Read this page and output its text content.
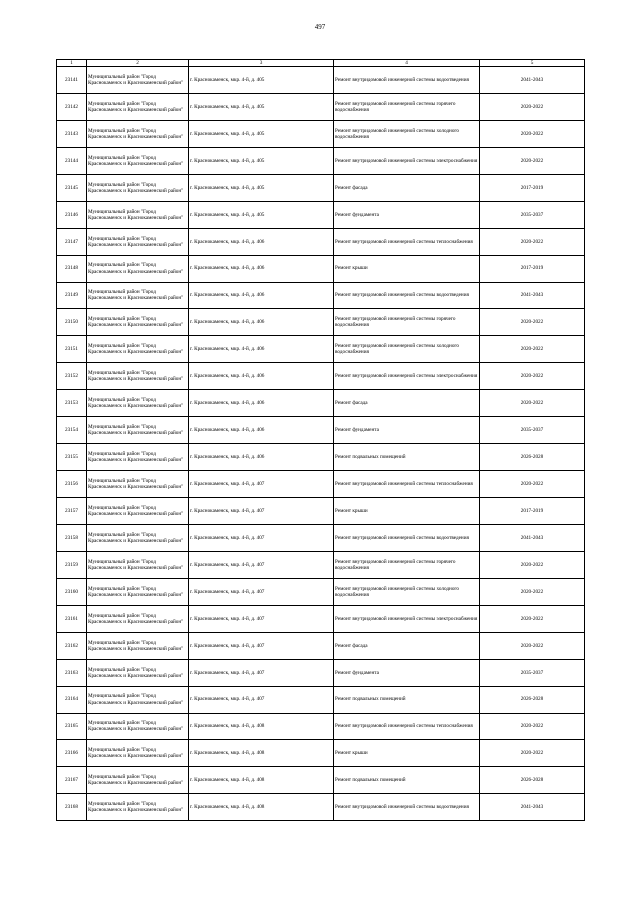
497
1	2	3	4	5
23141	Муниципальный район "Город Краснокаменск и Краснокаменский район"	г. Краснокаменск, мкр. 4-й, д. 405	Ремонт внутридомовой инженерной системы водоотведения	2041-2043
23142	Муниципальный район "Город Краснокаменск и Краснокаменский район"	г. Краснокаменск, мкр. 4-й, д. 405	Ремонт внутридомовой инженерной системы горячего водоснабжения	2020-2022
23143	Муниципальный район "Город Краснокаменск и Краснокаменский район"	г. Краснокаменск, мкр. 4-й, д. 405	Ремонт внутридомовой инженерной системы холодного водоснабжения	2020-2022
23144	Муниципальный район "Город Краснокаменск и Краснокаменский район"	г. Краснокаменск, мкр. 4-й, д. 405	Ремонт внутридомовой инженерной системы электроснабжения	2020-2022
23145	Муниципальный район "Город Краснокаменск и Краснокаменский район"	г. Краснокаменск, мкр. 4-й, д. 405	Ремонт фасада	2017-2019
23146	Муниципальный район "Город Краснокаменск и Краснокаменский район"	г. Краснокаменск, мкр. 4-й, д. 405	Ремонт фундамента	2035-2037
23147	Муниципальный район "Город Краснокаменск и Краснокаменский район"	г. Краснокаменск, мкр. 4-й, д. 406	Ремонт внутридомовой инженерной системы теплоснабжения	2020-2022
23148	Муниципальный район "Город Краснокаменск и Краснокаменский район"	г. Краснокаменск, мкр. 4-й, д. 406	Ремонт крыши	2017-2019
23149	Муниципальный район "Город Краснокаменск и Краснокаменский район"	г. Краснокаменск, мкр. 4-й, д. 406	Ремонт внутридомовой инженерной системы водоотведения	2041-2043
23150	Муниципальный район "Город Краснокаменск и Краснокаменский район"	г. Краснокаменск, мкр. 4-й, д. 406	Ремонт внутридомовой инженерной системы горячего водоснабжения	2020-2022
23151	Муниципальный район "Город Краснокаменск и Краснокаменский район"	г. Краснокаменск, мкр. 4-й, д. 406	Ремонт внутридомовой инженерной системы холодного водоснабжения	2020-2022
23152	Муниципальный район "Город Краснокаменск и Краснокаменский район"	г. Краснокаменск, мкр. 4-й, д. 406	Ремонт внутридомовой инженерной системы электроснабжения	2020-2022
23153	Муниципальный район "Город Краснокаменск и Краснокаменский район"	г. Краснокаменск, мкр. 4-й, д. 406	Ремонт фасада	2020-2022
23154	Муниципальный район "Город Краснокаменск и Краснокаменский район"	г. Краснокаменск, мкр. 4-й, д. 406	Ремонт фундамента	2035-2037
23155	Муниципальный район "Город Краснокаменск и Краснокаменский район"	г. Краснокаменск, мкр. 4-й, д. 406	Ремонт подвальных помещений	2026-2028
23156	Муниципальный район "Город Краснокаменск и Краснокаменский район"	г. Краснокаменск, мкр. 4-й, д. 407	Ремонт внутридомовой инженерной системы теплоснабжения	2020-2022
23157	Муниципальный район "Город Краснокаменск и Краснокаменский район"	г. Краснокаменск, мкр. 4-й, д. 407	Ремонт крыши	2017-2019
23158	Муниципальный район "Город Краснокаменск и Краснокаменский район"	г. Краснокаменск, мкр. 4-й, д. 407	Ремонт внутридомовой инженерной системы водоотведения	2041-2043
23159	Муниципальный район "Город Краснокаменск и Краснокаменский район"	г. Краснокаменск, мкр. 4-й, д. 407	Ремонт внутридомовой инженерной системы горячего водоснабжения	2020-2022
23160	Муниципальный район "Город Краснокаменск и Краснокаменский район"	г. Краснокаменск, мкр. 4-й, д. 407	Ремонт внутридомовой инженерной системы холодного водоснабжения	2020-2022
23161	Муниципальный район "Город Краснокаменск и Краснокаменский район"	г. Краснокаменск, мкр. 4-й, д. 407	Ремонт внутридомовой инженерной системы электроснабжения	2020-2022
23162	Муниципальный район "Город Краснокаменск и Краснокаменский район"	г. Краснокаменск, мкр. 4-й, д. 407	Ремонт фасада	2020-2022
23163	Муниципальный район "Город Краснокаменск и Краснокаменский район"	г. Краснокаменск, мкр. 4-й, д. 407	Ремонт фундамента	2035-2037
23164	Муниципальный район "Город Краснокаменск и Краснокаменский район"	г. Краснокаменск, мкр. 4-й, д. 407	Ремонт подвальных помещений	2026-2028
23165	Муниципальный район "Город Краснокаменск и Краснокаменский район"	г. Краснокаменск, мкр. 4-й, д. 408	Ремонт внутридомовой инженерной системы теплоснабжения	2020-2022
23166	Муниципальный район "Город Краснокаменск и Краснокаменский район"	г. Краснокаменск, мкр. 4-й, д. 408	Ремонт крыши	2020-2022
23167	Муниципальный район "Город Краснокаменск и Краснокаменский район"	г. Краснокаменск, мкр. 4-й, д. 408	Ремонт подвальных помещений	2026-2028
23168	Муниципальный район "Город Краснокаменск и Краснокаменский район"	г. Краснокаменск, мкр. 4-й, д. 408	Ремонт внутридомовой инженерной системы водоотведения	2041-2043
